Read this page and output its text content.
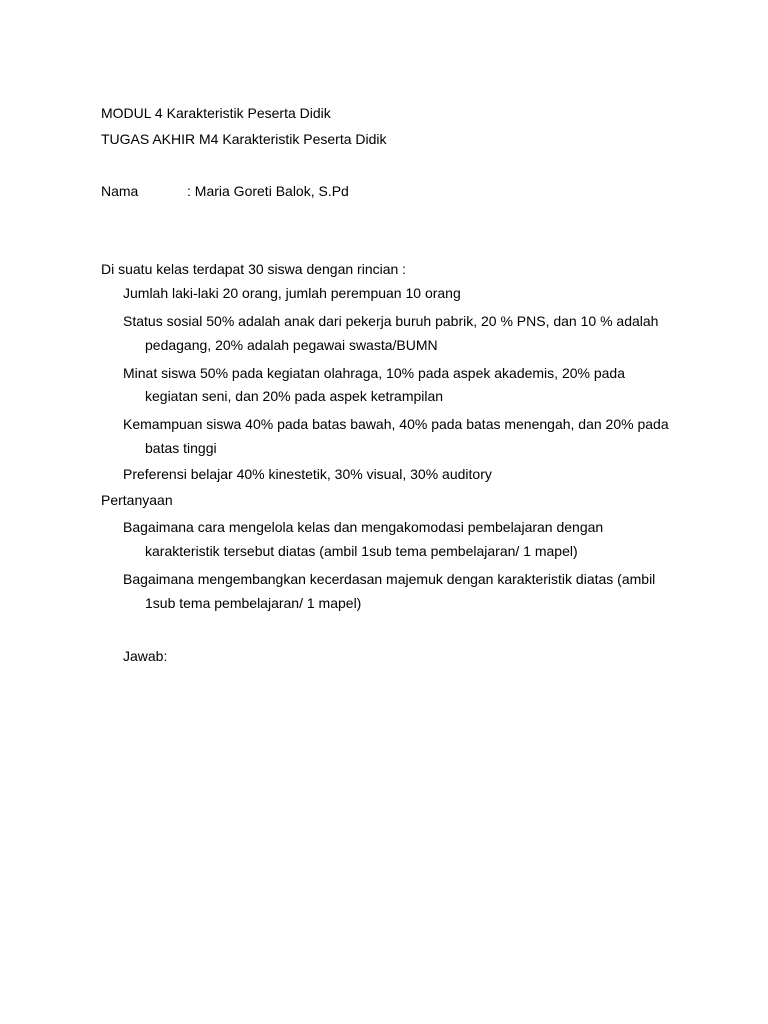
MODUL 4 Karakteristik Peserta Didik
TUGAS AKHIR M4 Karakteristik Peserta Didik
Nama	: Maria Goreti Balok, S.Pd
Di suatu kelas terdapat 30 siswa dengan rincian :
Jumlah laki-laki 20 orang, jumlah perempuan 10 orang
Status sosial 50% adalah anak dari pekerja buruh pabrik, 20 % PNS, dan 10 % adalah
pedagang, 20% adalah pegawai swasta/BUMN
Minat siswa 50% pada kegiatan olahraga, 10% pada aspek akademis, 20% pada
kegiatan seni, dan 20% pada aspek ketrampilan
Kemampuan siswa 40% pada batas bawah, 40% pada batas menengah, dan 20% pada
batas tinggi
Preferensi belajar 40% kinestetik, 30% visual, 30% auditory
Pertanyaan
Bagaimana cara mengelola kelas dan mengakomodasi pembelajaran dengan
karakteristik tersebut diatas (ambil 1sub tema pembelajaran/ 1 mapel)
Bagaimana mengembangkan kecerdasan majemuk dengan karakteristik diatas (ambil
1sub tema pembelajaran/ 1 mapel)
Jawab:
